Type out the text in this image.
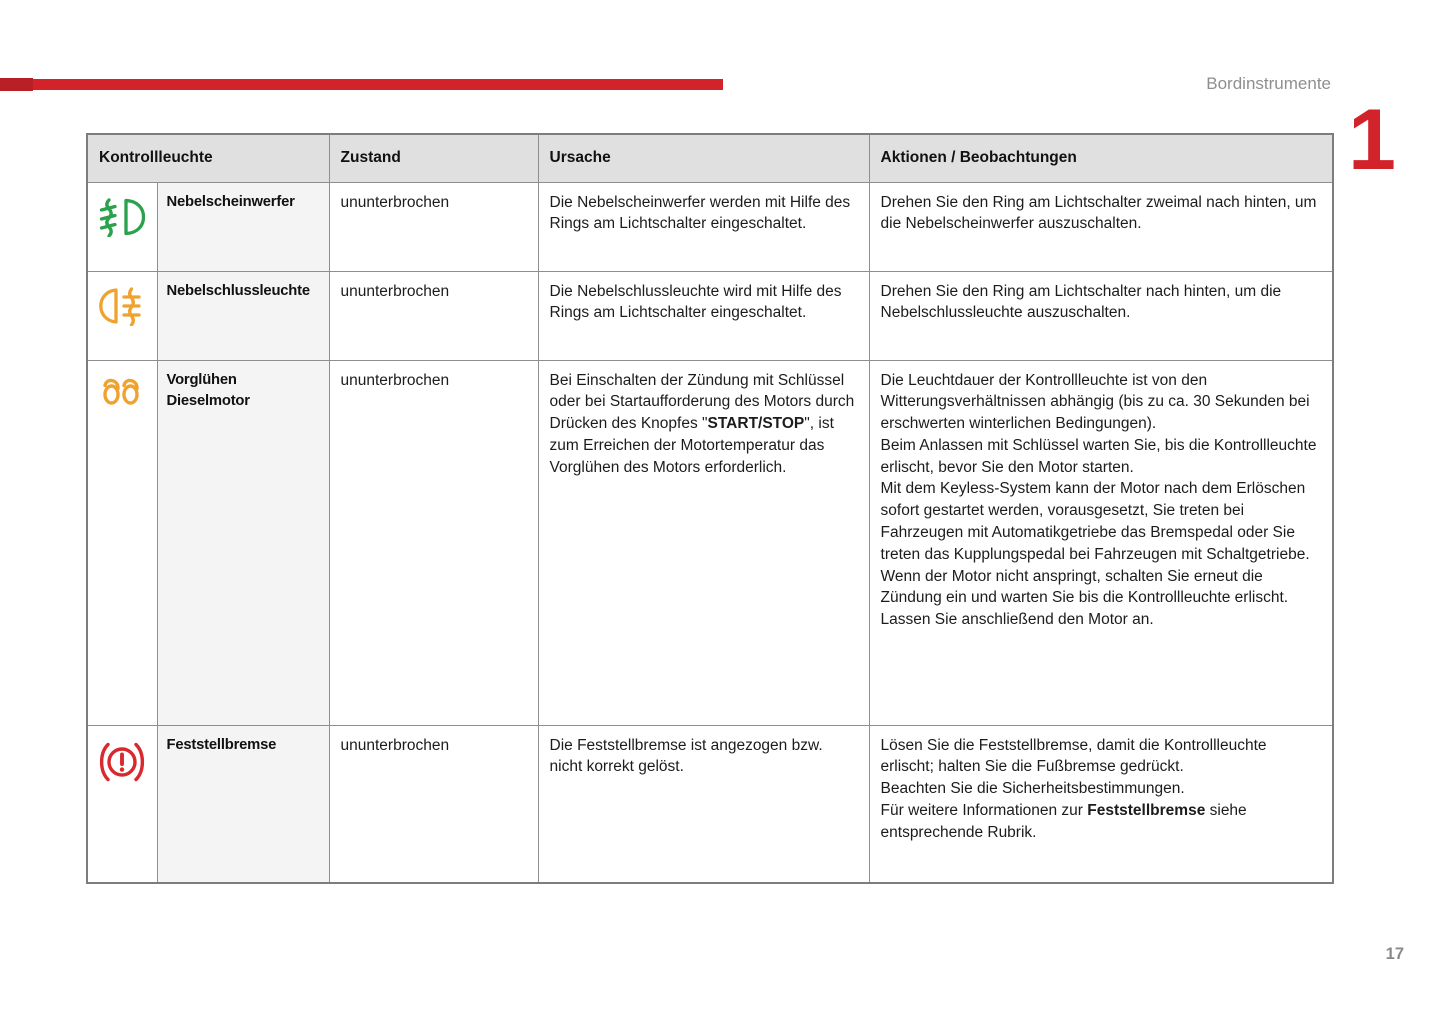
Bordinstrumente
1
Kontrollleuchte		Zustand	Ursache	Aktionen / Beobachtungen

	Nebelscheinwerfer	ununterbrochen	Die Nebelscheinwerfer werden mit Hilfe des Rings am Lichtschalter eingeschaltet.	Drehen Sie den Ring am Lichtschalter zweimal nach hinten, um die Nebelscheinwerfer auszuschalten.

	Nebelschlussleuchte	ununterbrochen	Die Nebelschlussleuchte wird mit Hilfe des Rings am Lichtschalter eingeschaltet.	Drehen Sie den Ring am Lichtschalter nach hinten, um die Nebelschlussleuchte auszuschalten.

	Vorglühen Dieselmotor	ununterbrochen	Bei Einschalten der Zündung mit Schlüssel oder bei Startaufforderung des Motors durch Drücken des Knopfes "START/STOP", ist zum Erreichen der Motortemperatur das Vorglühen des Motors erforderlich.	Die Leuchtdauer der Kontrollleuchte ist von den Witterungsverhältnissen abhängig (bis zu ca. 30 Sekunden bei erschwerten winterlichen Bedingungen).
Beim Anlassen mit Schlüssel warten Sie, bis die Kontrollleuchte erlischt, bevor Sie den Motor starten.
Mit dem Keyless-System kann der Motor nach dem Erlöschen sofort gestartet werden, vorausgesetzt, Sie treten bei Fahrzeugen mit Automatikgetriebe das Bremspedal oder Sie treten das Kupplungspedal bei Fahrzeugen mit Schaltgetriebe.
Wenn der Motor nicht anspringt, schalten Sie erneut die Zündung ein und warten Sie bis die Kontrollleuchte erlischt. Lassen Sie anschließend den Motor an.

	Feststellbremse	ununterbrochen	Die Feststellbremse ist angezogen bzw. nicht korrekt gelöst.	Lösen Sie die Feststellbremse, damit die Kontrollleuchte erlischt; halten Sie die Fußbremse gedrückt.
Beachten Sie die Sicherheitsbestimmungen.
Für weitere Informationen zur Feststellbremse siehe entsprechende Rubrik.
17
